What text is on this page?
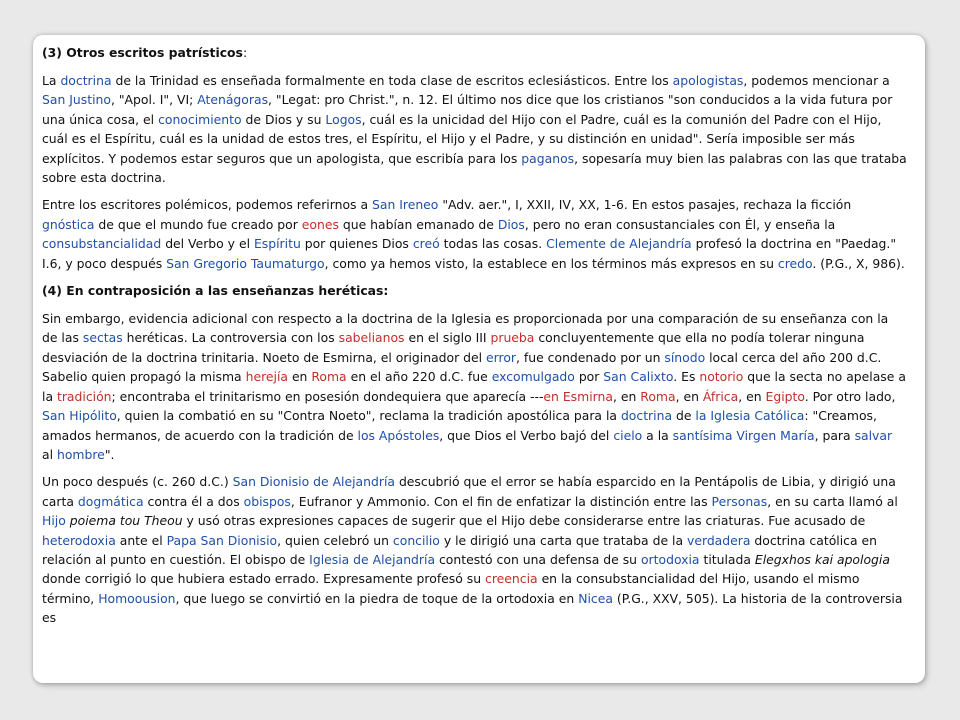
(3) Otros escritos patrísticos:

La doctrina de la Trinidad es enseñada formalmente en toda clase de escritos eclesiásticos. Entre los apologistas, podemos mencionar a San Justino, "Apol. I", VI; Atenágoras, "Legat: pro Christ.", n. 12. El último nos dice que los cristianos "son conducidos a la vida futura por una única cosa, el conocimiento de Dios y su Logos, cuál es la unicidad del Hijo con el Padre, cuál es la comunión del Padre con el Hijo, cuál es el Espíritu, cuál es la unidad de estos tres, el Espíritu, el Hijo y el Padre, y su distinción en unidad". Sería imposible ser más explícitos. Y podemos estar seguros que un apologista, que escribía para los paganos, sopesaría muy bien las palabras con las que trataba sobre esta doctrina.

Entre los escritores polémicos, podemos referirnos a San Ireneo "Adv. aer.", I, XXII, IV, XX, 1-6. En estos pasajes, rechaza la ficción gnóstica de que el mundo fue creado por eones que habían emanado de Dios, pero no eran consustanciales con Él, y enseña la consubstancialidad del Verbo y el Espíritu por quienes Dios creó todas las cosas. Clemente de Alejandría profesó la doctrina en "Paedag." I.6, y poco después San Gregorio Taumaturgo, como ya hemos visto, la establece en los términos más expresos en su credo. (P.G., X, 986).

(4) En contraposición a las enseñanzas heréticas:

Sin embargo, evidencia adicional con respecto a la doctrina de la Iglesia es proporcionada por una comparación de su enseñanza con la de las sectas heréticas. La controversia con los sabelianos en el siglo III prueba concluyentemente que ella no podía tolerar ninguna desviación de la doctrina trinitaria. Noeto de Esmirna, el originador del error, fue condenado por un sínodo local cerca del año 200 d.C. Sabelio quien propagó la misma herejía en Roma en el año 220 d.C. fue excomulgado por San Calixto. Es notorio que la secta no apelase a la tradición; encontraba el trinitarismo en posesión dondequiera que aparecía ---en Esmirna, en Roma, en África, en Egipto. Por otro lado, San Hipólito, quien la combatió en su "Contra Noeto", reclama la tradición apostólica para la doctrina de la Iglesia Católica: "Creamos, amados hermanos, de acuerdo con la tradición de los Apóstoles, que Dios el Verbo bajó del cielo a la santísima Virgen María, para salvar al hombre".

Un poco después (c. 260 d.C.) San Dionisio de Alejandría descubrió que el error se había esparcido en la Pentápolis de Libia, y dirigió una carta dogmática contra él a dos obispos, Eufranor y Ammonio. Con el fin de enfatizar la distinción entre las Personas, en su carta llamó al Hijo poiema tou Theou y usó otras expresiones capaces de sugerir que el Hijo debe considerarse entre las criaturas. Fue acusado de heterodoxia ante el Papa San Dionisio, quien celebró un concilio y le dirigió una carta que trataba de la verdadera doctrina católica en relación al punto en cuestión. El obispo de Iglesia de Alejandría contestó con una defensa de su ortodoxia titulada Elegxhos kai apologia donde corrigió lo que hubiera estado errado. Expresamente profesó su creencia en la consubstancialidad del Hijo, usando el mismo término, Homoousion, que luego se convirtió en la piedra de toque de la ortodoxia en Nicea (P.G., XXV, 505). La historia de la controversia es
